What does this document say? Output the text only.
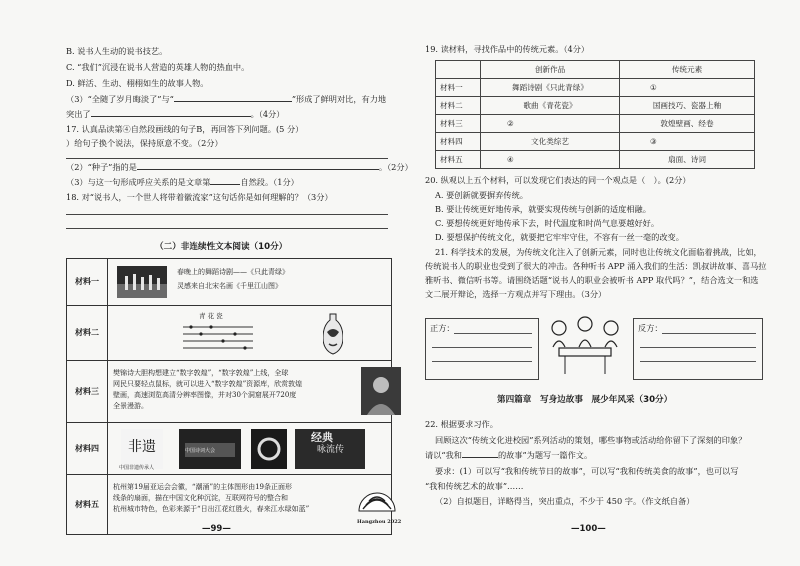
B. 说书人生动的说书技艺。
C. “我们”沉浸在说书人营造的英雄人物的热血中。
D. 鲜活、生动、栩栩如生的故事人物。
（3）“全随了岁月晦淡了”与“	”形成了鲜明对比，有力地
突出了	。（4分）
17. 认真品读第④自然段画线的句子B，再回答下列问题。(5 分）
）给句子换个说法，保持原意不变。（2分）
（2）“种子”指的是	。（2分）
（3）与这一句形成呼应关系的是文章第	自然段。（1分）
18. 对“说书人，一个世人将带着徽流家”这句话你是如何理解的？（3分）
（二）非连续性文本阅读（10分）
材料一	春晚上的舞蹈诗剧——《只此青绿》
灵感来自北宋名画《千里江山图》

材料二	青 花 瓷

材料三	樊锦诗大胆构想建立“数字敦煌”，“数字敦煌”上线，全球
网民只要轻点鼠标，就可以进入“数字敦煌”资源库，欣赏敦煌
壁画，高速浏览高清分辨率图像，并对30个洞窟展开720度
全景漫游。

材料四	非遗
中国非遗传承人
中国诗词大会
经典
咏流传

材料五	杭州第19届亚运会会徽，“潮涌”的主体图形由19条正面形
线条的扇面，描在中国文化种沉淀，互联网符号的整合和
杭州城市特色，色彩来源于“日出江花红胜火，春来江水绿如蓝”
Hangzhou 2022
—99—
19. 读材料，寻找作品中的传统元素。（4分）
	创新作品	传统元素
材料一	舞蹈诗剧《只此青绿》	①
材料二	歌曲《青花瓷》	国画技巧、瓷器上釉
材料三	②	敦煌壁画、经卷
材料四	文化类综艺	③
材料五	④	扇面、诗词
20. 纵观以上五个材料，可以发现它们表达的同一个观点是（　）。(2分）
A. 要创新就要摒弃传统。
B. 要让传统更好地传承，就要实现传统与创新的适度相融。
C. 要想传统更好地传承下去，时代温度和时尚气息要越好好。
D. 要想保护传统文化，就要把它牢牢守住，不容有一丝一毫的改变。
21. 科学技术的发展，为传统文化注入了创新元素，同时也让传统文化面临着挑战，比如，
传统说书人的职业也受到了很大的冲击。各种听书 APP 涌入我们的生活：凯叔讲故事、喜马拉
雅听书、微信听书等。请围绕话题“说书人的职业会被听书 APP 取代吗？”，结合选文一和选
文二展开辩论，选择一方观点并写下理由。（3分）
正方：	反方：
第四篇章　写身边故事　展少年风采（30分）
22. 根据要求习作。
回顾这次“传统文化进校园”系列活动的策划，哪些事物或活动给你留下了深刻的印象？
请以“我和	的故事”为题写一篇作文。
要求：(1）可以写“我和传统节日的故事”，可以写“我和传统美食的故事”，也可以写
“我和传统艺术的故事”……
（2）自拟题目，详略得当，突出重点，不少于 450 字。（作文纸自备）
—100—
